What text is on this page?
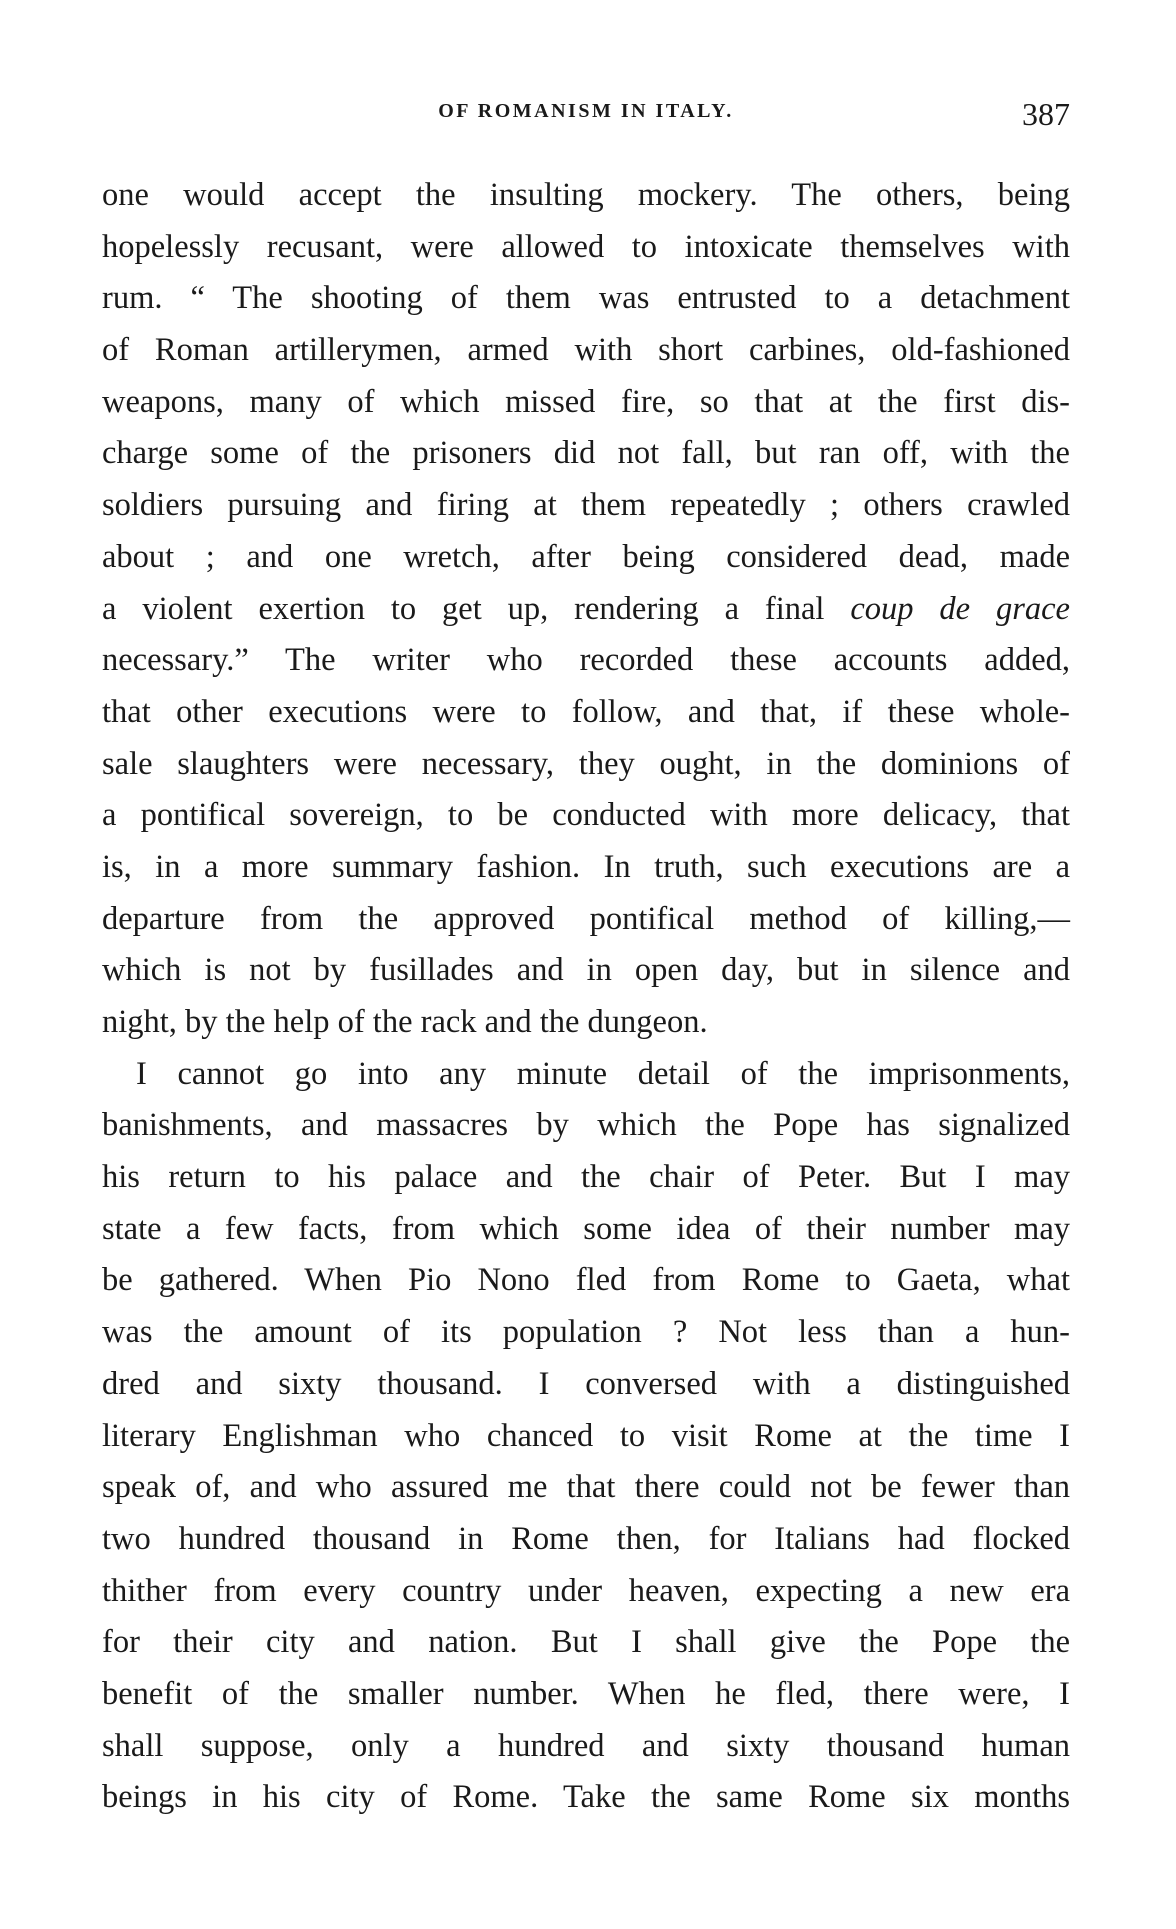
OF ROMANISM IN ITALY.	387
one would accept the insulting mockery. The others, being
hopelessly recusant, were allowed to intoxicate themselves with
rum. “ The shooting of them was entrusted to a detachment
of Roman artillerymen, armed with short carbines, old-fashioned
weapons, many of which missed fire, so that at the first dis-
charge some of the prisoners did not fall, but ran off, with the
soldiers pursuing and firing at them repeatedly ; others crawled
about ; and one wretch, after being considered dead, made
a violent exertion to get up, rendering a final coup de grace
necessary.” The writer who recorded these accounts added,
that other executions were to follow, and that, if these whole-
sale slaughters were necessary, they ought, in the dominions of
a pontifical sovereign, to be conducted with more delicacy, that
is, in a more summary fashion. In truth, such executions are a
departure from the approved pontifical method of killing,—
which is not by fusillades and in open day, but in silence and
night, by the help of the rack and the dungeon.
I cannot go into any minute detail of the imprisonments,
banishments, and massacres by which the Pope has signalized
his return to his palace and the chair of Peter. But I may
state a few facts, from which some idea of their number may
be gathered. When Pio Nono fled from Rome to Gaeta, what
was the amount of its population ? Not less than a hun-
dred and sixty thousand. I conversed with a distinguished
literary Englishman who chanced to visit Rome at the time I
speak of, and who assured me that there could not be fewer than
two hundred thousand in Rome then, for Italians had flocked
thither from every country under heaven, expecting a new era
for their city and nation. But I shall give the Pope the
benefit of the smaller number. When he fled, there were, I
shall suppose, only a hundred and sixty thousand human
beings in his city of Rome. Take the same Rome six months
